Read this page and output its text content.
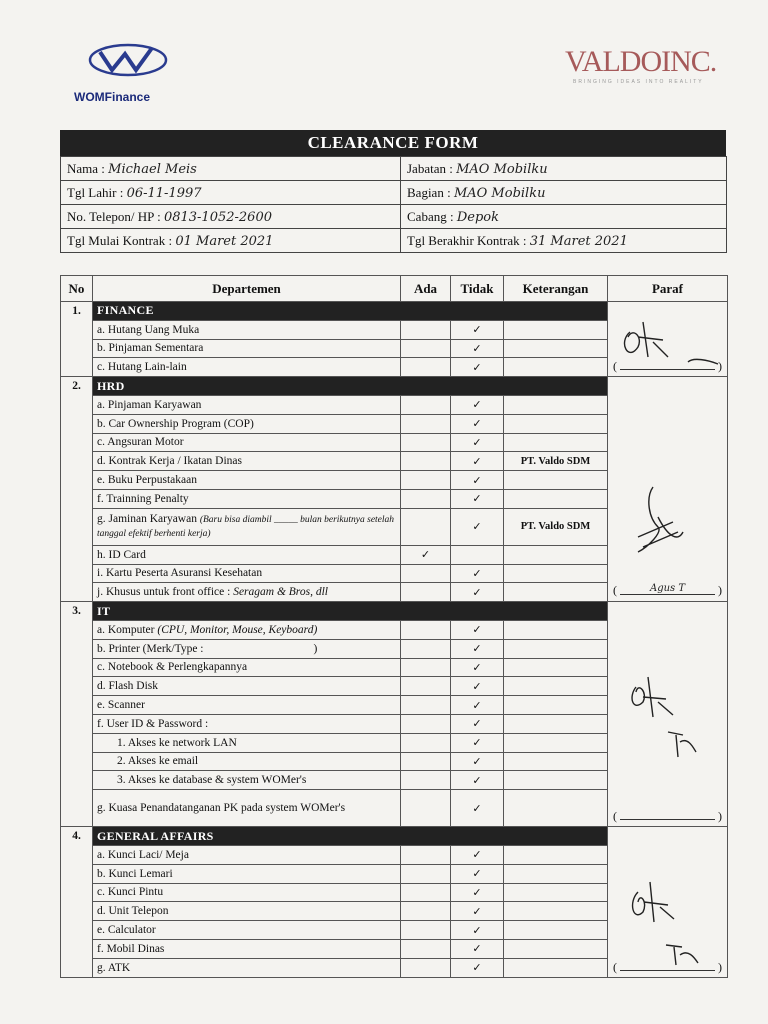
WOMFinance
VALDOINC.
BRINGING IDEAS INTO REALITY
CLEARANCE FORM
Nama : Michael Meis	Jabatan : MAO Mobilku
Tgl Lahir : 06-11-1997	Bagian : MAO Mobilku
No. Telepon/ HP : 0813-1052-2600	Cabang : Depok
Tgl Mulai Kontrak : 01 Maret 2021	Tgl Berakhir Kontrak : 31 Maret 2021
No	Departemen	Ada	Tidak	Keterangan	Paraf
1.	FINANCE				( )

	a. Hutang Uang Muka		✓		
	b. Pinjaman Sementara		✓		
	c. Hutang Lain-lain		✓		
2.	HRD				( Agus T )

	a. Pinjaman Karyawan		✓		
	b. Car Ownership Program (COP)		✓		
	c. Angsuran Motor		✓		
	d. Kontrak Kerja / Ikatan Dinas		✓	PT. Valdo SDM	
	e. Buku Perpustakaan		✓		
	f. Trainning Penalty		✓		
	g. Jaminan Karyawan (Baru bisa diambil _____ bulan berikutnya setelah tanggal efektif berhenti kerja)		✓	PT. Valdo SDM	
	h. ID Card	✓			
	i. Kartu Peserta Asuransi Kesehatan		✓		
	j. Khusus untuk front office : Seragam & Bros, dll		✓		
3.	IT				( )

	a. Komputer (CPU, Monitor, Mouse, Keyboard)		✓		
	b. Printer (Merk/Type : )		✓		
	c. Notebook & Perlengkapannya		✓		
	d. Flash Disk		✓		
	e. Scanner		✓		
	f. User ID & Password :		✓		
	1. Akses ke network LAN		✓		
	2. Akses ke email		✓		
	3. Akses ke database & system WOMer's		✓		
	g. Kuasa Penandatanganan PK pada system WOMer's		✓		
4.	GENERAL AFFAIRS				( )

	a. Kunci Laci/ Meja		✓		
	b. Kunci Lemari		✓		
	c. Kunci Pintu		✓		
	d. Unit Telepon		✓		
	e. Calculator		✓		
	f. Mobil Dinas		✓		
	g. ATK		✓		
